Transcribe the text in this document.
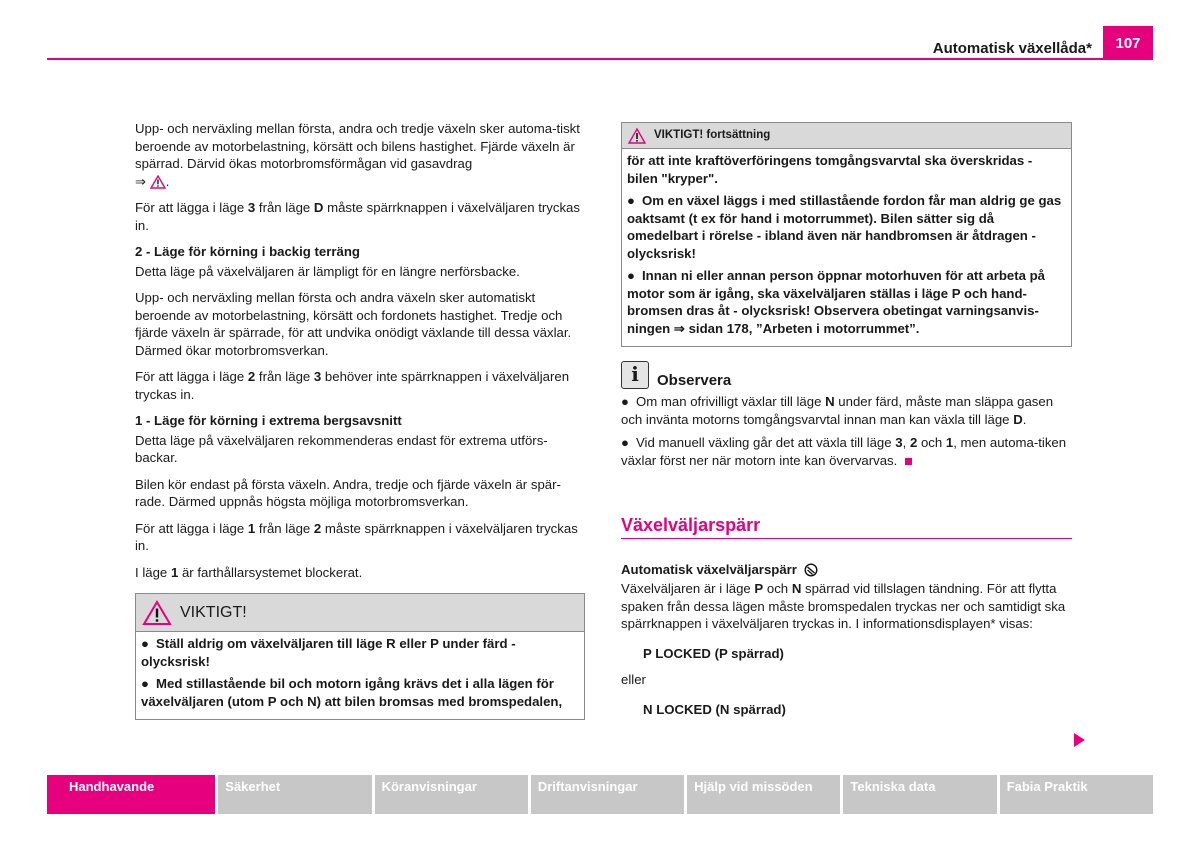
Automatisk växellåda*	107

Upp- och nerväxling mellan första, andra och tredje växeln sker automa-tiskt beroende av motorbelastning, körsätt och bilens hastighet. Fjärde växeln är spärrad. Därvid ökas motorbromsförmågan vid gasavdrag
⇒ .

För att lägga i läge 3 från läge D måste spärrknappen i växelväljaren tryckas in.

2 - Läge för körning i backig terräng

Detta läge på växelväljaren är lämpligt för en längre nerförsbacke.

Upp- och nerväxling mellan första och andra växeln sker automatiskt beroende av motorbelastning, körsätt och fordonets hastighet. Tredje och fjärde växeln är spärrade, för att undvika onödigt växlande till dessa växlar. Därmed ökar motorbromsverkan.

För att lägga i läge 2 från läge 3 behöver inte spärrknappen i växelväljaren tryckas in.

1 - Läge för körning i extrema bergsavsnitt

Detta läge på växelväljaren rekommenderas endast för extrema utförs-backar.

Bilen kör endast på första växeln. Andra, tredje och fjärde växeln är spär-rade. Därmed uppnås högsta möjliga motorbromsverkan.

För att lägga i läge 1 från läge 2 måste spärrknappen i växelväljaren tryckas in.

I läge 1 är farthållarsystemet blockerat.

VIKTIGT!
● Ställ aldrig om växelväljaren till läge R eller P under färd - olycksrisk!
● Med stillastående bil och motorn igång krävs det i alla lägen för växelväljaren (utom P och N) att bilen bromsas med bromspedalen,
VIKTIGT! fortsättning
för att inte kraftöverföringens tomgångsvarvtal ska överskridas - bilen "kryper".
● Om en växel läggs i med stillastående fordon får man aldrig ge gas oaktsamt (t ex för hand i motorrummet). Bilen sätter sig då omedelbart i rörelse - ibland även när handbromsen är åtdragen - olycksrisk!
● Innan ni eller annan person öppnar motorhuven för att arbeta på motor som är igång, ska växelväljaren ställas i läge P och hand-bromsen dras åt - olycksrisk! Observera obetingat varningsanvis-ningen ⇒ sidan 178, ”Arbeten i motorrummet”.
i	Observera
● Om man ofrivilligt växlar till läge N under färd, måste man släppa gasen och invänta motorns tomgångsvarvtal innan man kan växla till läge D.
● Vid manuell växling går det att växla till läge 3, 2 och 1, men automa-tiken växlar först ner när motorn inte kan övervarvas.
Växelväljarspärr
Automatisk växelväljarspärr

Växelväljaren är i läge P och N spärrad vid tillslagen tändning. För att flytta spaken från dessa lägen måste bromspedalen tryckas ner och samtidigt ska spärrknappen i växelväljaren tryckas in. I informationsdisplayen* visas:

P LOCKED (P spärrad)

eller

N LOCKED (N spärrad)
Handhavande	Säkerhet	Köranvisningar	Driftanvisningar	Hjälp vid missöden	Tekniska data	Fabia Praktik
